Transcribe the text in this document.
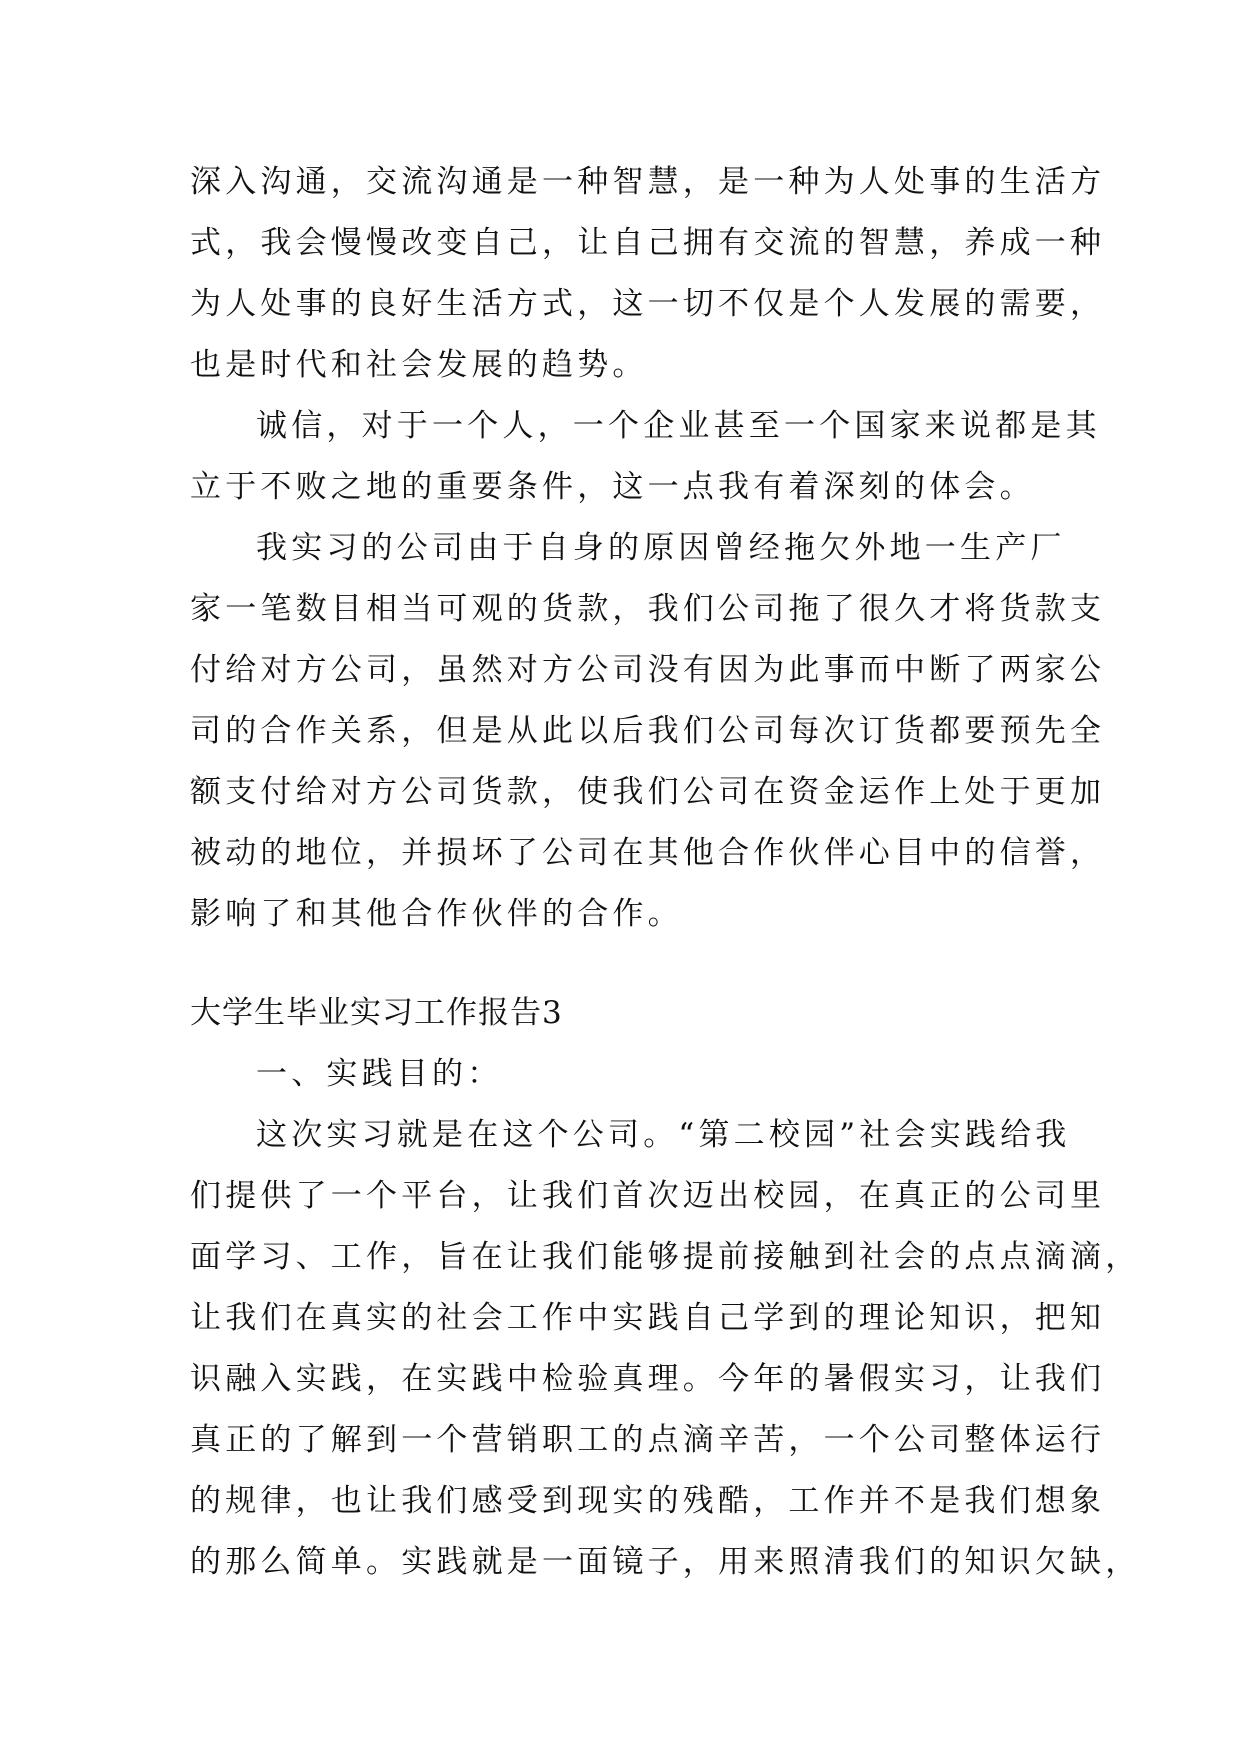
深入沟通，交流沟通是一种智慧，是一种为人处事的生活方
式，我会慢慢改变自己，让自己拥有交流的智慧，养成一种
为人处事的良好生活方式，这一切不仅是个人发展的需要，
也是时代和社会发展的趋势。
诚信，对于一个人，一个企业甚至一个国家来说都是其
立于不败之地的重要条件，这一点我有着深刻的体会。
我实习的公司由于自身的原因曾经拖欠外地一生产厂
家一笔数目相当可观的货款，我们公司拖了很久才将货款支
付给对方公司，虽然对方公司没有因为此事而中断了两家公
司的合作关系，但是从此以后我们公司每次订货都要预先全
额支付给对方公司货款，使我们公司在资金运作上处于更加
被动的地位，并损坏了公司在其他合作伙伴心目中的信誉，
影响了和其他合作伙伴的合作。
大学生毕业实习工作报告3
一、实践目的：
这次实习就是在这个公司。“第二校园”社会实践给我
们提供了一个平台，让我们首次迈出校园，在真正的公司里
面学习、工作，旨在让我们能够提前接触到社会的点点滴滴，
让我们在真实的社会工作中实践自己学到的理论知识，把知
识融入实践，在实践中检验真理。今年的暑假实习，让我们
真正的了解到一个营销职工的点滴辛苦，一个公司整体运行
的规律，也让我们感受到现实的残酷，工作并不是我们想象
的那么简单。实践就是一面镜子，用来照清我们的知识欠缺，
